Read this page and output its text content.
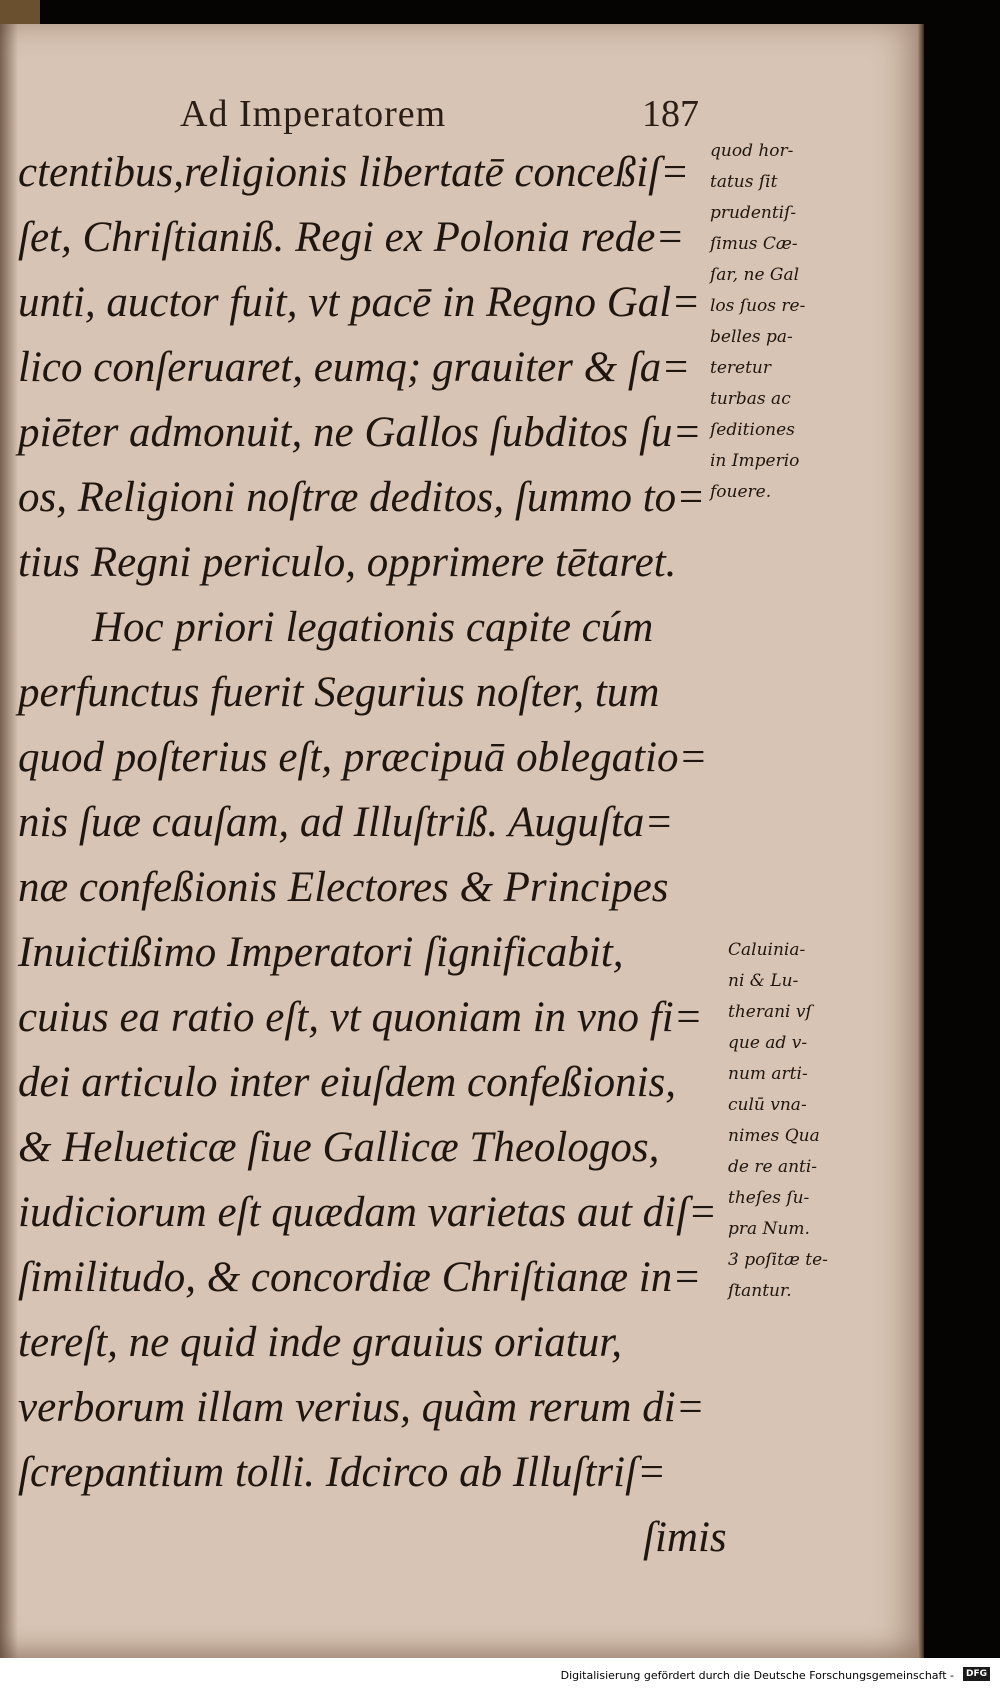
Ad Imperatorem	187
ctentibus,religionis libertatē conceßiſ=
ſet, Chriſtianiß. Regi ex Polonia rede=
unti, auctor fuit, vt pacē in Regno Gal=
lico conſeruaret, eumq; grauiter & ſa=
piēter admonuit, ne Gallos ſubditos ſu=
os, Religioni noſtræ deditos, ſummo to=
tius Regni periculo, opprimere tētaret.
Hoc priori legationis capite cúm
perfunctus fuerit Segurius noſter, tum
quod poſterius eſt, præcipuā oblegatio=
nis ſuæ cauſam, ad Illuſtriß. Auguſta=
næ confeßionis Electores & Principes
Inuictißimo Imperatori ſignificabit,
cuius ea ratio eſt, vt quoniam in vno fi=
dei articulo inter eiuſdem confeßionis,
& Helueticæ ſiue Gallicæ Theologos,
iudiciorum eſt quædam varietas aut diſ=
ſimilitudo, & concordiæ Chriſtianæ in=
tereſt, ne quid inde grauius oriatur,
verborum illam verius, quàm rerum di=
ſcrepantium tolli. Idcirco ab Illuſtriſ=
ſimis
quod hor-
tatus ſit
prudentiſ-
ſimus Cæ-
ſar, ne Gal
los ſuos re-
belles pa-
teretur
turbas ac
ſeditiones
in Imperio
fouere.
Caluinia-
ni & Lu-
therani vſ
que ad v-
num arti-
culū vna-
nimes Qua
de re anti-
theſes ſu-
pra Num.
3 poſitæ te-
ſtantur.
Digitalisierung gefördert durch die Deutsche Forschungsgemeinschaft -	DFG
